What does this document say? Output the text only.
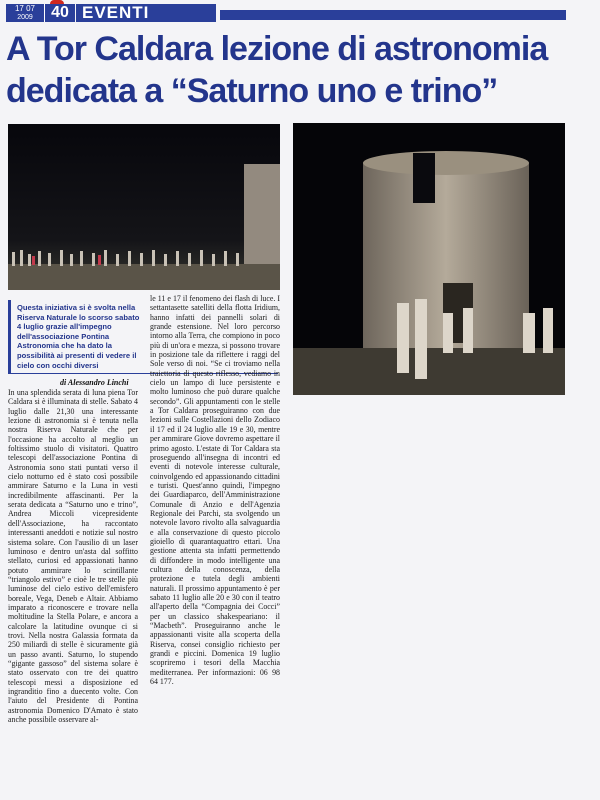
17 07
2009	40 EVENTI
A Tor Caldara lezione di astronomia dedicata a “Saturno uno e trino”
Questa iniziativa si è svolta nella Riserva Naturale lo scorso sabato 4 luglio grazie all'impegno dell'associazione Pontina Astronomia che ha dato la possibilità ai presenti di vedere il cielo con occhi diversi
di Alessandro Linchi

In una splendida serata di luna piena Tor Caldara si è illuminata di stelle. Sabato 4 luglio dalle 21,30 una interessante lezione di astronomia si è tenuta nella nostra Riserva Naturale che per l'occasione ha accolto al meglio un foltissimo stuolo di visitatori. Quattro telescopi dell'associazione Pontina di Astronomia sono stati puntati verso il cielo notturno ed è stato così possibile ammirare Saturno e la Luna in vesti incredibilmente affascinanti. Per la serata dedicata a “Saturno uno e trino”, Andrea Miccoli vicepresidente dell'Associazione, ha raccontato interessanti aneddoti e notizie sul nostro sistema solare. Con l'ausilio di un laser luminoso e dentro un'asta dal soffitto stellato, curiosi ed appassionati hanno potuto ammirare lo scintillante “triangolo estivo” e cioè le tre stelle più luminose del cielo estivo dell'emisfero boreale, Vega, Deneb e Altair. Abbiamo imparato a riconoscere e trovare nella moltitudine la Stella Polare, e ancora a calcolare la latitudine ovunque ci si trovi. Nella nostra Galassia formata da 250 miliardi di stelle è sicuramente già un passo avanti. Saturno, lo stupendo “gigante gassoso” del sistema solare è stato osservato con tre dei quattro telescopi messi a disposizione ed ingranditio fino a duecento volte. Con l'aiuto del Presidente di Pontina astronomia Domenico D'Amato è stato anche possibile osservare al-

le 11 e 17 il fenomeno dei flash di luce. I settantasette satelliti della flotta Iridium, hanno infatti dei pannelli solari di grande estensione. Nel loro percorso intorno alla Terra, che compiono in poco più di un'ora e mezza, si possono trovare in posizione tale da riflettere i raggi del Sole verso di noi. “Se ci troviamo nella traiettoria di questo riflesso, vediamo in cielo un lampo di luce persistente e molto luminoso che può durare qualche secondo”. Gli appuntamenti con le stelle a Tor Caldara proseguiranno con due lezioni sulle Costellazioni dello Zodiaco il 17 ed il 24 luglio alle 19 e 30, mentre per ammirare Giove dovremo aspettare il primo agosto. L'estate di Tor Caldara sta proseguendo all'insegna di incontri ed eventi di notevole interesse culturale, coinvolgendo ed appassionando cittadini e turisti. Quest'anno quindi, l'impegno dei Guardiaparco, dell'Amministrazione Comunale di Anzio e dell'Agenzia Regionale dei Parchi, sta svolgendo un notevole lavoro rivolto alla salvaguardia e alla conservazione di questo piccolo gioiello di quarantaquattro ettari. Una gestione attenta sta infatti permettendo di diffondere in modo intelligente una cultura della conoscenza, della protezione e tutela degli ambienti naturali. Il prossimo appuntamento è per sabato 11 luglio alle 20 e 30 con il teatro all'aperto della “Compagnia dei Cocci” per un classico shakespeariano: il “Macbeth”. Proseguiranno anche le appassionanti visite alla scoperta della Riserva, consei consiglio richiesto per grandi e piccini. Domenica 19 luglio scopriremo i tesori della Macchia mediterranea. Per informazioni: 06 98 64 177.
